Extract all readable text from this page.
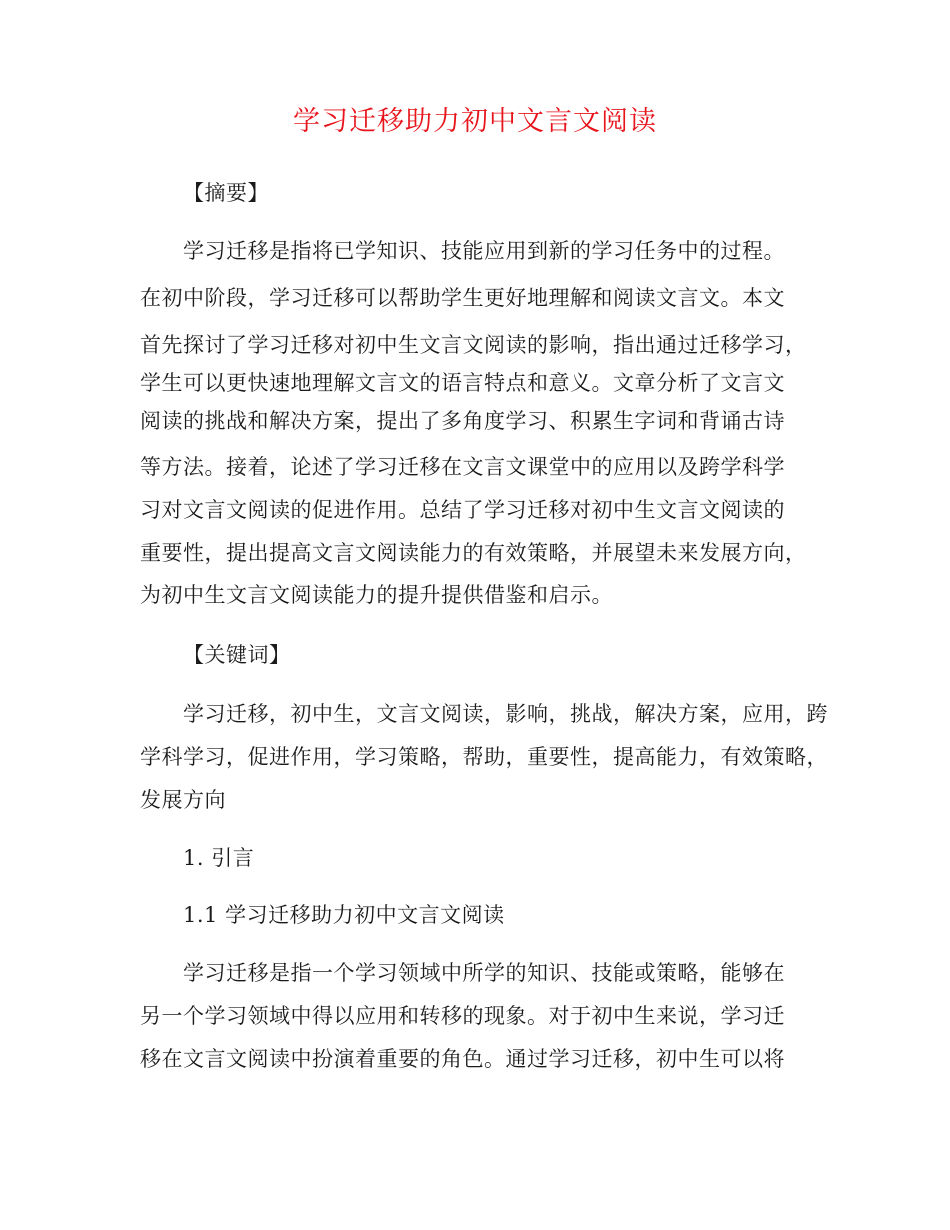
学习迁移助力初中文言文阅读
【摘要】
学习迁移是指将已学知识、技能应用到新的学习任务中的过程。
在初中阶段，学习迁移可以帮助学生更好地理解和阅读文言文。本文
首先探讨了学习迁移对初中生文言文阅读的影响，指出通过迁移学习，
学生可以更快速地理解文言文的语言特点和意义。文章分析了文言文
阅读的挑战和解决方案，提出了多角度学习、积累生字词和背诵古诗
等方法。接着，论述了学习迁移在文言文课堂中的应用以及跨学科学
习对文言文阅读的促进作用。总结了学习迁移对初中生文言文阅读的
重要性，提出提高文言文阅读能力的有效策略，并展望未来发展方向，
为初中生文言文阅读能力的提升提供借鉴和启示。
【关键词】
学习迁移，初中生，文言文阅读，影响，挑战，解决方案，应用，跨
学科学习，促进作用，学习策略，帮助，重要性，提高能力，有效策略，
发展方向
1. 引言
1.1 学习迁移助力初中文言文阅读
学习迁移是指一个学习领域中所学的知识、技能或策略，能够在
另一个学习领域中得以应用和转移的现象。对于初中生来说，学习迁
移在文言文阅读中扮演着重要的角色。通过学习迁移，初中生可以将
